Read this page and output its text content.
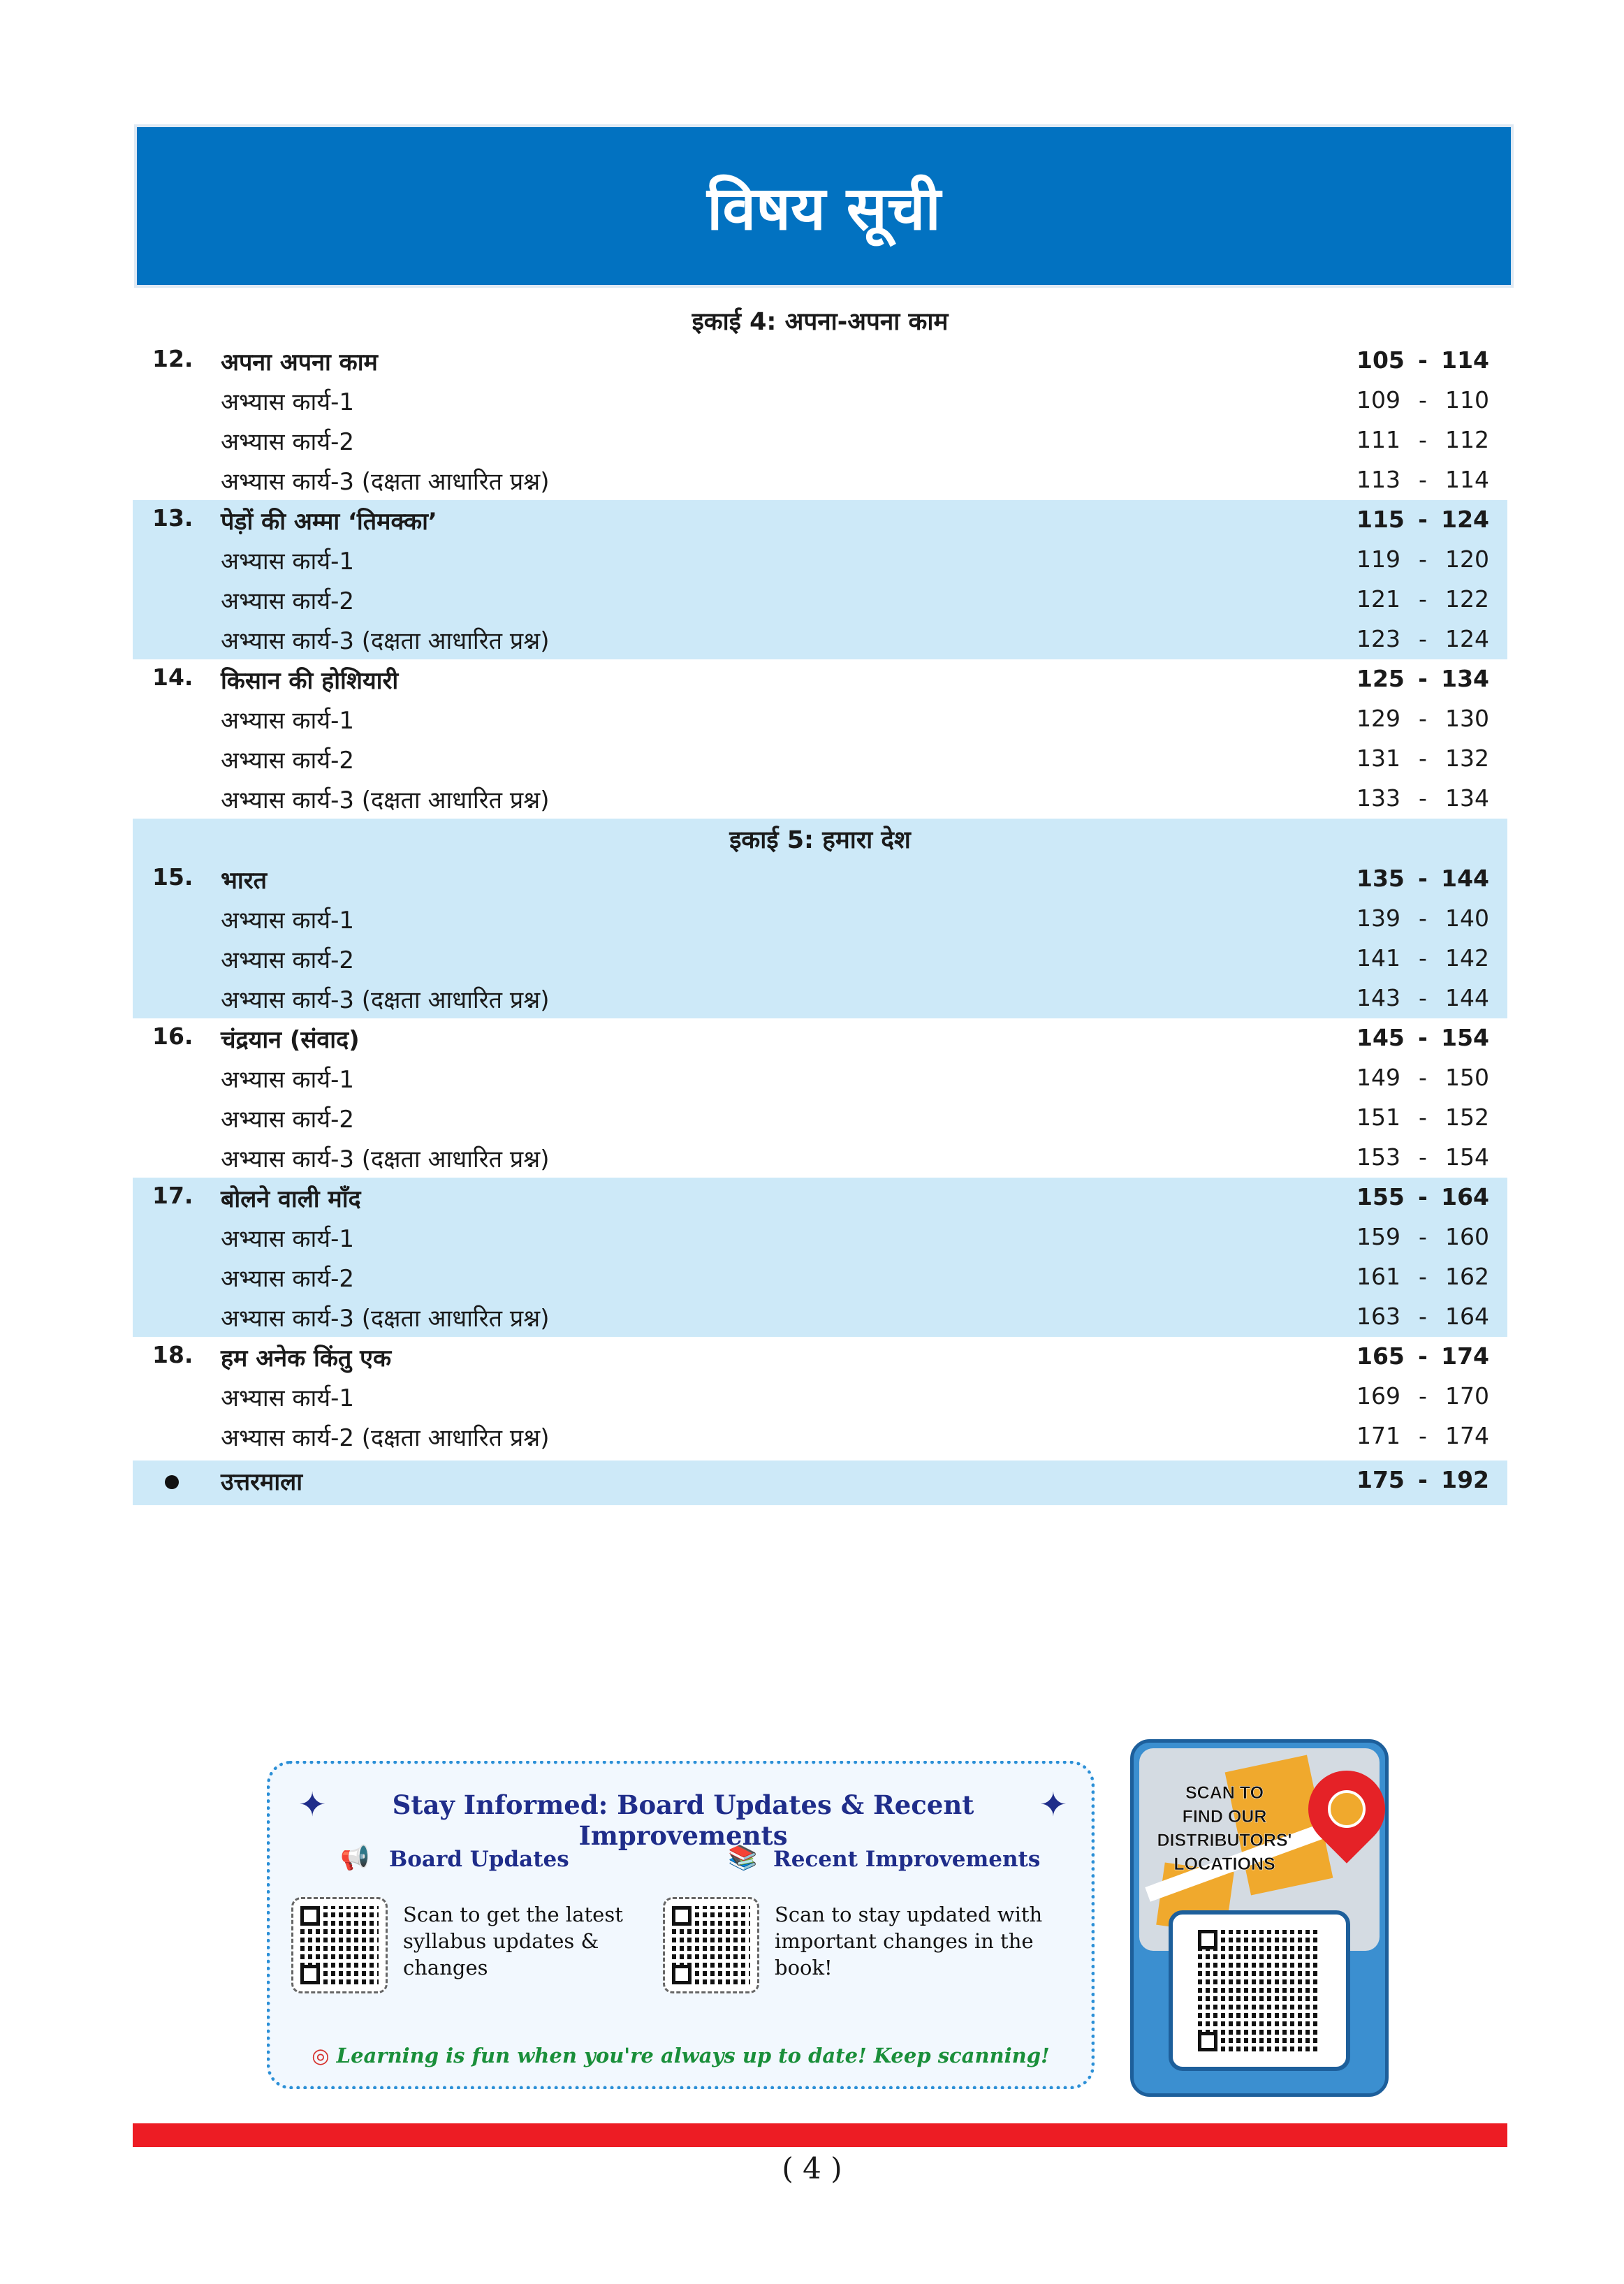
विषय सूची
इकाई 4: अपना-अपना काम
12. अपना अपना काम	105 - 114
अभ्यास कार्य-1	109 - 110
अभ्यास कार्य-2	111 - 112
अभ्यास कार्य-3 (दक्षता आधारित प्रश्न)	113 - 114
13. पेड़ों की अम्मा ‘तिमक्का’	115 - 124
अभ्यास कार्य-1	119 - 120
अभ्यास कार्य-2	121 - 122
अभ्यास कार्य-3 (दक्षता आधारित प्रश्न)	123 - 124
14. किसान की होशियारी	125 - 134
अभ्यास कार्य-1	129 - 130
अभ्यास कार्य-2	131 - 132
अभ्यास कार्य-3 (दक्षता आधारित प्रश्न)	133 - 134
इकाई 5: हमारा देश
15. भारत	135 - 144
अभ्यास कार्य-1	139 - 140
अभ्यास कार्य-2	141 - 142
अभ्यास कार्य-3 (दक्षता आधारित प्रश्न)	143 - 144
16. चंद्रयान (संवाद)	145 - 154
अभ्यास कार्य-1	149 - 150
अभ्यास कार्य-2	151 - 152
अभ्यास कार्य-3 (दक्षता आधारित प्रश्न)	153 - 154
17. बोलने वाली माँद	155 - 164
अभ्यास कार्य-1	159 - 160
अभ्यास कार्य-2	161 - 162
अभ्यास कार्य-3 (दक्षता आधारित प्रश्न)	163 - 164
18. हम अनेक किंतु एक	165 - 174
अभ्यास कार्य-1	169 - 170
अभ्यास कार्य-2 (दक्षता आधारित प्रश्न)	171 - 174
उत्तरमाला	175 - 192
✦	Stay Informed: Board Updates & Recent Improvements
✦
📢 Board Updates
Scan to get the latest
syllabus updates &
changes
📚 Recent Improvements
Scan to stay updated with
important changes in the
book!
◎ Learning is fun when you're always up to date! Keep scanning!
SCAN TO
FIND OUR
DISTRIBUTORS'
LOCATIONS
( 4 )
